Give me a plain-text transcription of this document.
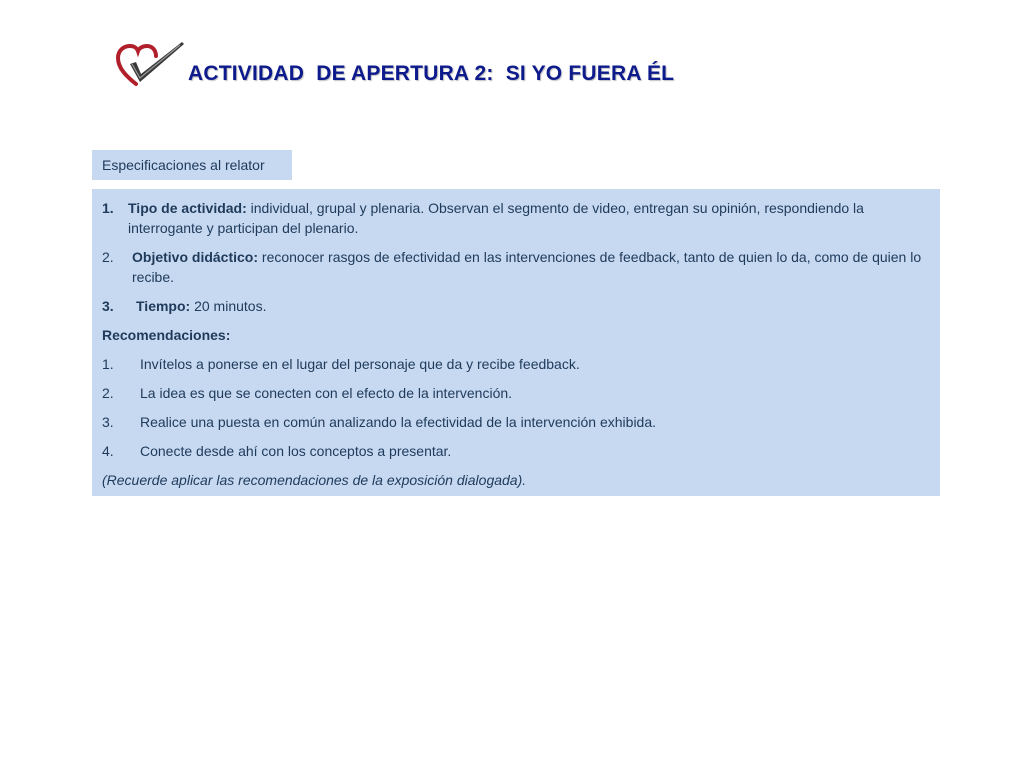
ACTIVIDAD  DE APERTURA 2:  SI YO FUERA ÉL
Especificaciones al relator
1.	Tipo de actividad: individual, grupal y plenaria. Observan el segmento de video, entregan su opinión, respondiendo la interrogante y participan del plenario.
2.	Objetivo didáctico: reconocer rasgos de efectividad en las intervenciones de feedback, tanto de quien lo da, como de quien lo recibe.
3.	Tiempo: 20 minutos.
Recomendaciones:
1.	Invítelos a ponerse en el lugar del personaje que da y recibe feedback.
2.	La idea es que se conecten con el efecto de la intervención.
3.	Realice una puesta en común analizando la efectividad de la intervención exhibida.
4.	Conecte desde ahí con los conceptos a presentar.
(Recuerde aplicar las recomendaciones de la exposición dialogada).
